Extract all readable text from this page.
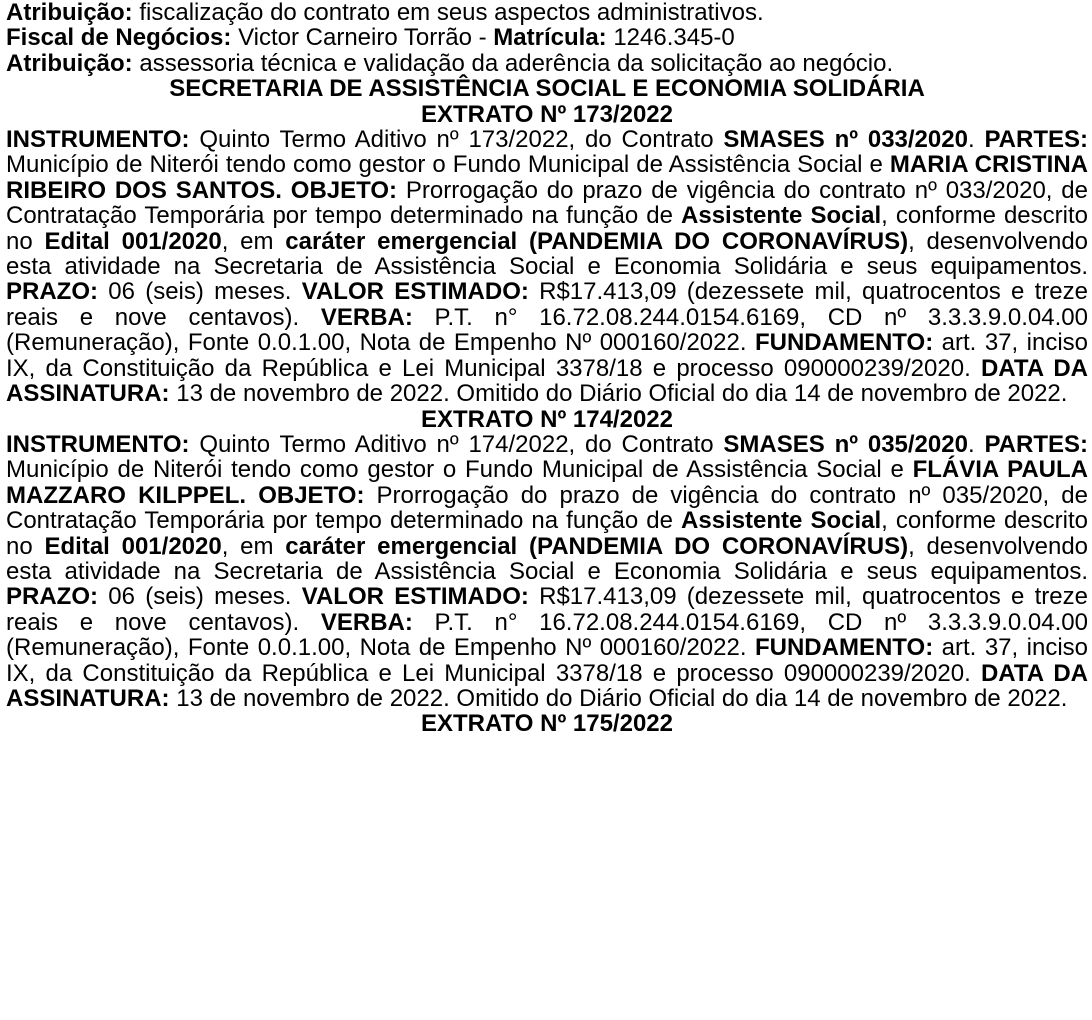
Atribuição: fiscalização do contrato em seus aspectos administrativos.

Fiscal de Negócios: Victor Carneiro Torrão - Matrícula: 1246.345-0

Atribuição: assessoria técnica e validação da aderência da solicitação ao negócio.

SECRETARIA DE ASSISTÊNCIA SOCIAL E ECONOMIA SOLIDÁRIA

EXTRATO Nº 173/2022

INSTRUMENTO: Quinto Termo Aditivo nº 173/2022, do Contrato SMASES nº 033/2020. PARTES: Município de Niterói tendo como gestor o Fundo Municipal de Assistência Social e MARIA CRISTINA RIBEIRO DOS SANTOS. OBJETO: Prorrogação do prazo de vigência do contrato nº 033/2020, de Contratação Temporária por tempo determinado na função de Assistente Social, conforme descrito no Edital 001/2020, em caráter emergencial (PANDEMIA DO CORONAVÍRUS), desenvolvendo esta atividade na Secretaria de Assistência Social e Economia Solidária e seus equipamentos. PRAZO: 06 (seis) meses. VALOR ESTIMADO: R$17.413,09 (dezessete mil, quatrocentos e treze reais e nove centavos). VERBA: P.T. n° 16.72.08.244.0154.6169, CD nº 3.3.3.9.0.04.00 (Remuneração), Fonte 0.0.1.00, Nota de Empenho Nº 000160/2022. FUNDAMENTO: art. 37, inciso IX, da Constituição da República e Lei Municipal 3378/18 e processo 090000239/2020. DATA DA ASSINATURA: 13 de novembro de 2022. Omitido do Diário Oficial do dia 14 de novembro de 2022.

EXTRATO Nº 174/2022

INSTRUMENTO: Quinto Termo Aditivo nº 174/2022, do Contrato SMASES nº 035/2020. PARTES: Município de Niterói tendo como gestor o Fundo Municipal de Assistência Social e FLÁVIA PAULA MAZZARO KILPPEL. OBJETO: Prorrogação do prazo de vigência do contrato nº 035/2020, de Contratação Temporária por tempo determinado na função de Assistente Social, conforme descrito no Edital 001/2020, em caráter emergencial (PANDEMIA DO CORONAVÍRUS), desenvolvendo esta atividade na Secretaria de Assistência Social e Economia Solidária e seus equipamentos. PRAZO: 06 (seis) meses. VALOR ESTIMADO: R$17.413,09 (dezessete mil, quatrocentos e treze reais e nove centavos). VERBA: P.T. n° 16.72.08.244.0154.6169, CD nº 3.3.3.9.0.04.00 (Remuneração), Fonte 0.0.1.00, Nota de Empenho Nº 000160/2022. FUNDAMENTO: art. 37, inciso IX, da Constituição da República e Lei Municipal 3378/18 e processo 090000239/2020. DATA DA ASSINATURA: 13 de novembro de 2022. Omitido do Diário Oficial do dia 14 de novembro de 2022.

EXTRATO Nº 175/2022
